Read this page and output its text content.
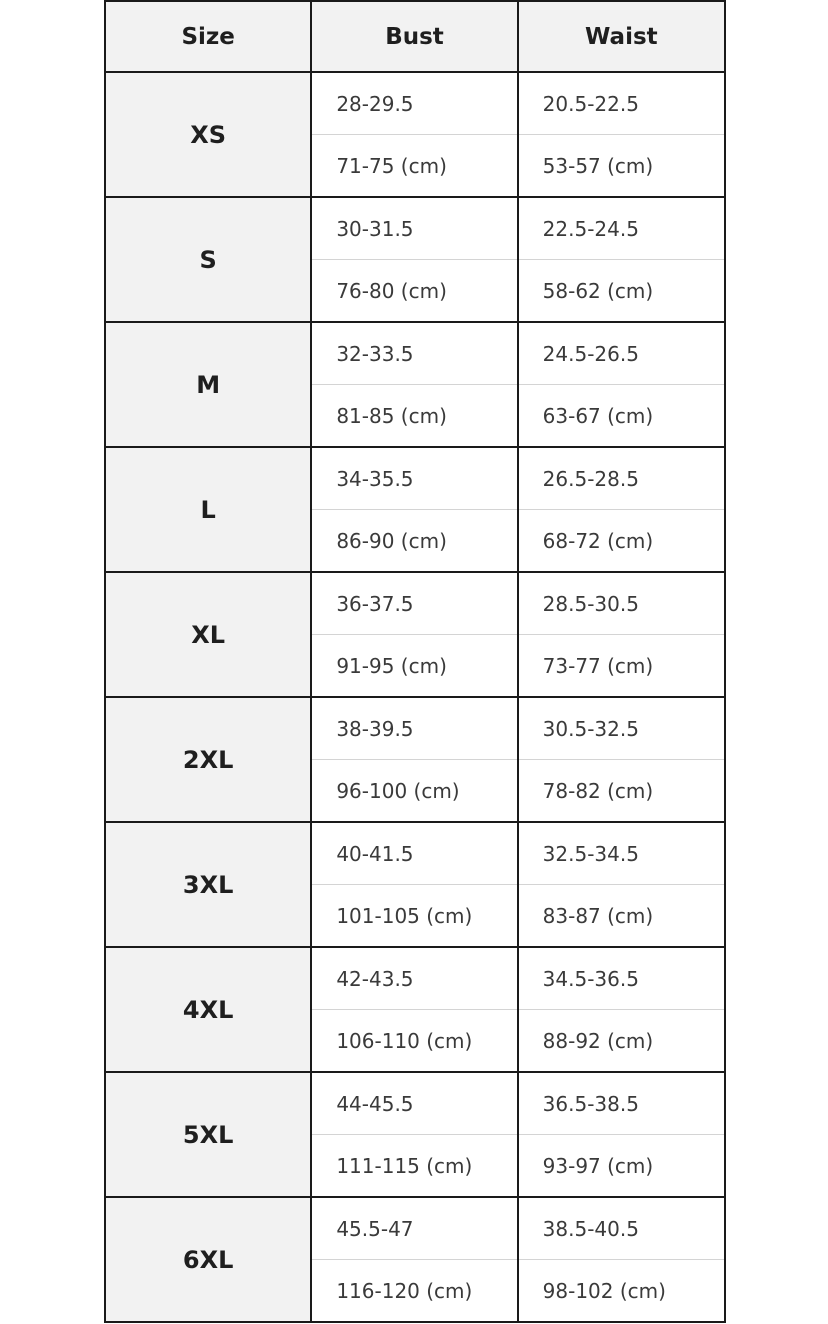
Size	Bust	Waist
XS	28-29.5	20.5-22.5
	71-75 (cm)	53-57 (cm)
S	30-31.5	22.5-24.5
	76-80 (cm)	58-62 (cm)
M	32-33.5	24.5-26.5
	81-85 (cm)	63-67 (cm)
L	34-35.5	26.5-28.5
	86-90 (cm)	68-72 (cm)
XL	36-37.5	28.5-30.5
	91-95 (cm)	73-77 (cm)
2XL	38-39.5	30.5-32.5
	96-100 (cm)	78-82 (cm)
3XL	40-41.5	32.5-34.5
	101-105 (cm)	83-87 (cm)
4XL	42-43.5	34.5-36.5
	106-110 (cm)	88-92 (cm)
5XL	44-45.5	36.5-38.5
	111-115 (cm)	93-97 (cm)
6XL	45.5-47	38.5-40.5
	116-120 (cm)	98-102 (cm)
